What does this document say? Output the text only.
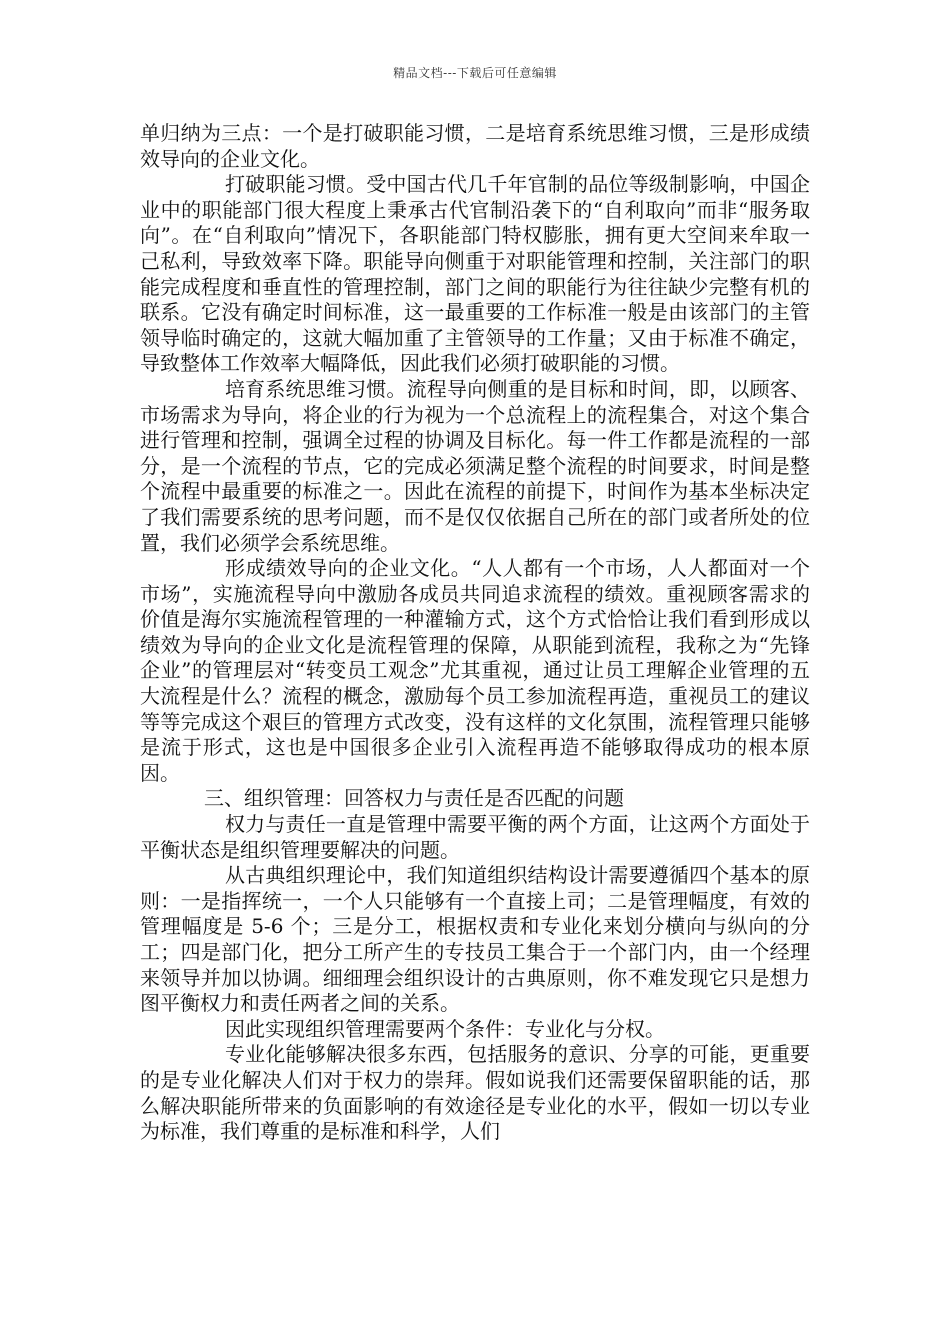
精品文档---下载后可任意编辑

单归纳为三点：一个是打破职能习惯，二是培育系统思维习惯，三是形成绩效导向的企业文化。

打破职能习惯。受中国古代几千年官制的品位等级制影响，中国企业中的职能部门很大程度上秉承古代官制沿袭下的“自利取向”而非“服务取向”。在“自利取向”情况下，各职能部门特权膨胀，拥有更大空间来牟取一己私利，导致效率下降。职能导向侧重于对职能管理和控制，关注部门的职能完成程度和垂直性的管理控制，部门之间的职能行为往往缺少完整有机的联系。它没有确定时间标准，这一最重要的工作标准一般是由该部门的主管领导临时确定的，这就大幅加重了主管领导的工作量；又由于标准不确定，导致整体工作效率大幅降低，因此我们必须打破职能的习惯。

培育系统思维习惯。流程导向侧重的是目标和时间，即，以顾客、市场需求为导向，将企业的行为视为一个总流程上的流程集合，对这个集合进行管理和控制，强调全过程的协调及目标化。每一件工作都是流程的一部分，是一个流程的节点，它的完成必须满足整个流程的时间要求，时间是整个流程中最重要的标准之一。因此在流程的前提下，时间作为基本坐标决定了我们需要系统的思考问题，而不是仅仅依据自己所在的部门或者所处的位置，我们必须学会系统思维。

形成绩效导向的企业文化。“人人都有一个市场，人人都面对一个市场”，实施流程导向中激励各成员共同追求流程的绩效。重视顾客需求的价值是海尔实施流程管理的一种灌输方式，这个方式恰恰让我们看到形成以绩效为导向的企业文化是流程管理的保障，从职能到流程，我称之为“先锋企业”的管理层对“转变员工观念”尤其重视，通过让员工理解企业管理的五大流程是什么？流程的概念，激励每个员工参加流程再造，重视员工的建议等等完成这个艰巨的管理方式改变，没有这样的文化氛围，流程管理只能够是流于形式，这也是中国很多企业引入流程再造不能够取得成功的根本原因。

三、组织管理：回答权力与责任是否匹配的问题

权力与责任一直是管理中需要平衡的两个方面，让这两个方面处于平衡状态是组织管理要解决的问题。

从古典组织理论中，我们知道组织结构设计需要遵循四个基本的原则：一是指挥统一，一个人只能够有一个直接上司；二是管理幅度，有效的管理幅度是 5-6 个；三是分工，根据权责和专业化来划分横向与纵向的分工；四是部门化，把分工所产生的专技员工集合于一个部门内，由一个经理来领导并加以协调。细细理会组织设计的古典原则，你不难发现它只是想力图平衡权力和责任两者之间的关系。

因此实现组织管理需要两个条件：专业化与分权。

专业化能够解决很多东西，包括服务的意识、分享的可能，更重要的是专业化解决人们对于权力的崇拜。假如说我们还需要保留职能的话，那么解决职能所带来的负面影响的有效途径是专业化的水平，假如一切以专业为标准，我们尊重的是标准和科学，人们
